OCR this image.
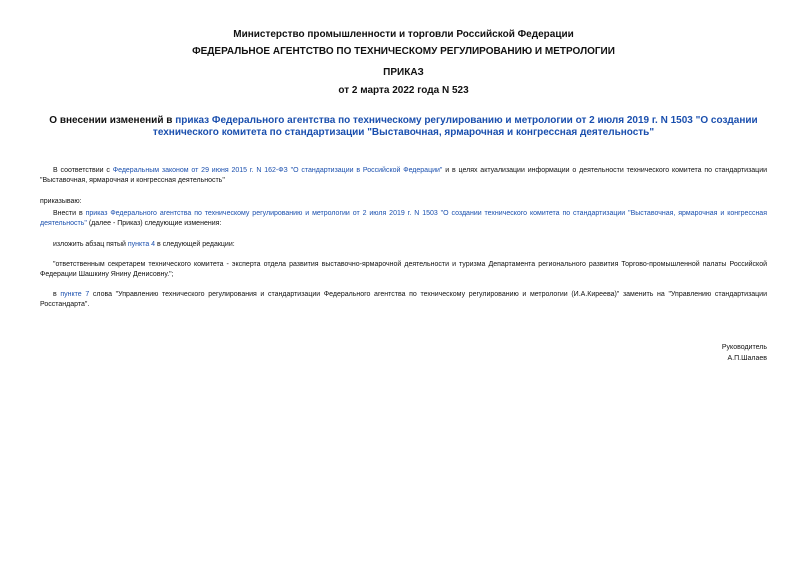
Министерство промышленности и торговли Российской Федерации
ФЕДЕРАЛЬНОЕ АГЕНТСТВО ПО ТЕХНИЧЕСКОМУ РЕГУЛИРОВАНИЮ И МЕТРОЛОГИИ
ПРИКАЗ
от 2 марта 2022 года N 523
О внесении изменений в приказ Федерального агентства по техническому регулированию и метрологии от 2 июля 2019 г. N 1503 "О создании технического комитета по стандартизации "Выставочная, ярмарочная и конгрессная деятельность"
В соответствии с Федеральным законом от 29 июня 2015 г. N 162-ФЗ "О стандартизации в Российской Федерации" и в целях актуализации информации о деятельности технического комитета по стандартизации "Выставочная, ярмарочная и конгрессная деятельность"
приказываю:
Внести в приказ Федерального агентства по техническому регулированию и метрологии от 2 июля 2019 г. N 1503 "О создании технического комитета по стандартизации "Выставочная, ярмарочная и конгрессная деятельность" (далее - Приказ) следующие изменения:
изложить абзац пятый пункта 4 в следующей редакции:
"ответственным секретарем технического комитета - эксперта отдела развития выставочно-ярмарочной деятельности и туризма Департамента регионального развития Торгово-промышленной палаты Российской Федерации Шашкину Янину Денисовну.";
в пункте 7 слова "Управлению технического регулирования и стандартизации Федерального агентства по техническому регулированию и метрологии (И.А.Киреева)" заменить на "Управлению стандартизации Росстандарта".
Руководитель
А.П.Шалаев
